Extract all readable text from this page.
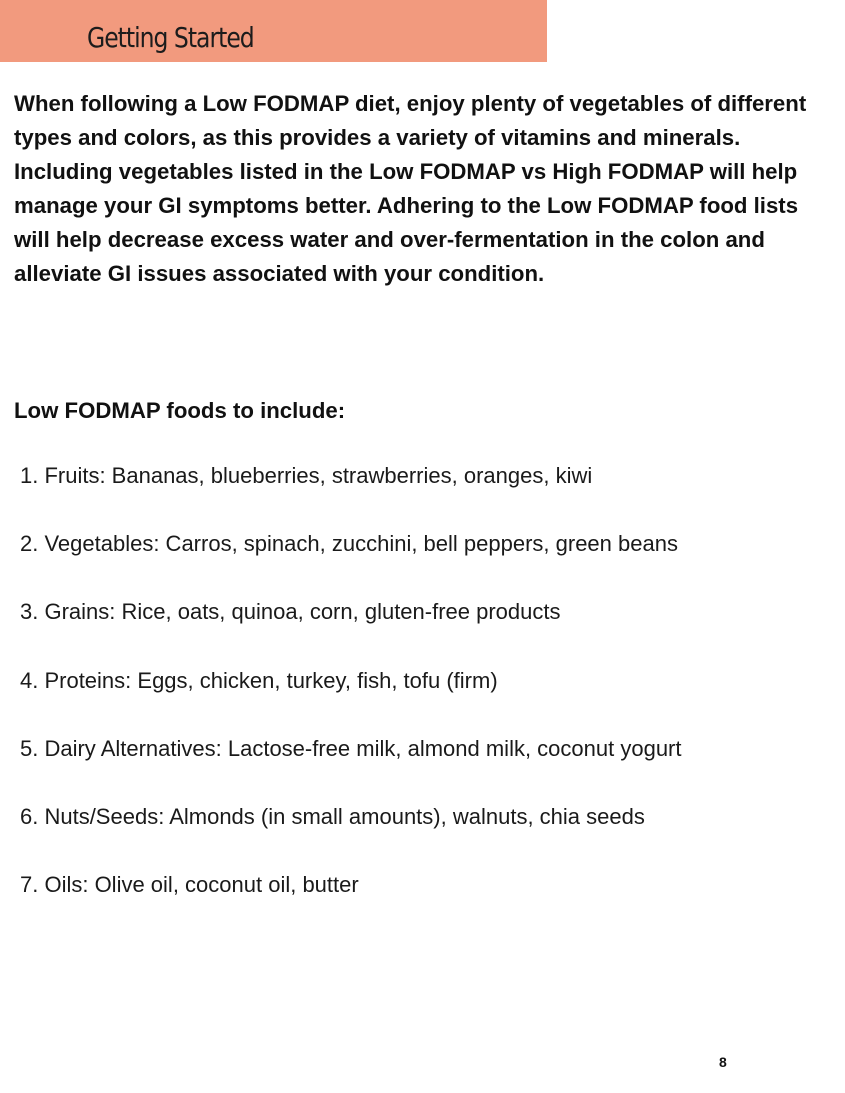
Getting Started

When following a Low FODMAP diet, enjoy plenty of vegetables of different types and colors, as this provides a variety of vitamins and minerals. Including vegetables listed in the Low FODMAP vs High FODMAP will help manage your GI symptoms better. Adhering to the Low FODMAP food lists will help decrease excess water and over-fermentation in the colon and alleviate GI issues associated with your condition.

Low FODMAP foods to include:
1. Fruits: Bananas, blueberries, strawberries, oranges, kiwi
2. Vegetables: Carros, spinach, zucchini, bell peppers, green beans
3. Grains: Rice, oats, quinoa, corn, gluten-free products
4. Proteins: Eggs, chicken, turkey, fish, tofu (firm)
5. Dairy Alternatives: Lactose-free milk, almond milk, coconut yogurt
6. Nuts/Seeds: Almonds (in small amounts), walnuts, chia seeds
7. Oils: Olive oil, coconut oil, butter
8
